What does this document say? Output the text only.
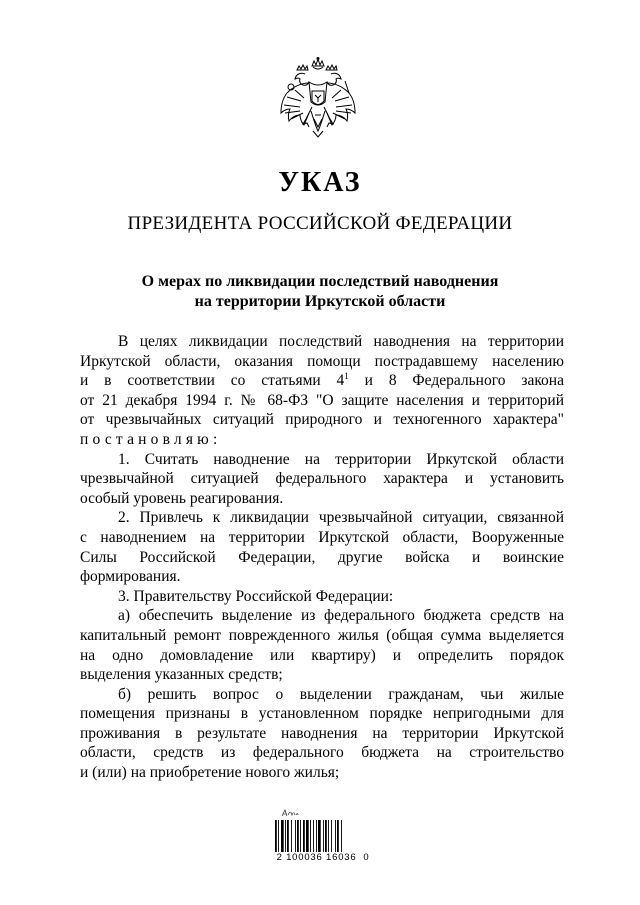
УКАЗ
ПРЕЗИДЕНТА РОССИЙСКОЙ ФЕДЕРАЦИИ
О мерах по ликвидации последствий наводнения
на территории Иркутской области
В целях ликвидации последствий наводнения на территории
Иркутской области, оказания помощи пострадавшему населению
и в соответствии со статьями $4^1$ и 8 Федерального закона
от 21 декабря 1994 г. № 68-ФЗ "О защите населения и территорий
от чрезвычайных ситуаций природного и техногенного характера"
постановляю:
1. Считать наводнение на территории Иркутской области
чрезвычайной ситуацией федерального характера и установить
особый уровень реагирования.
2. Привлечь к ликвидации чрезвычайной ситуации, связанной
с наводнением на территории Иркутской области, Вооруженные
Силы Российской Федерации, другие войска и воинские
формирования.
3. Правительству Российской Федерации:
а) обеспечить выделение из федерального бюджета средств на
капитальный ремонт поврежденного жилья (общая сумма выделяется
на одно домовладение или квартиру) и определить порядок
выделения указанных средств;
б) решить вопрос о выделении гражданам, чьи жилые
помещения признаны в установленном порядке непригодными для
проживания в результате наводнения на территории Иркутской
области, средств из федерального бюджета на строительство
и (или) на приобретение нового жилья;
2 100036 16036  0
